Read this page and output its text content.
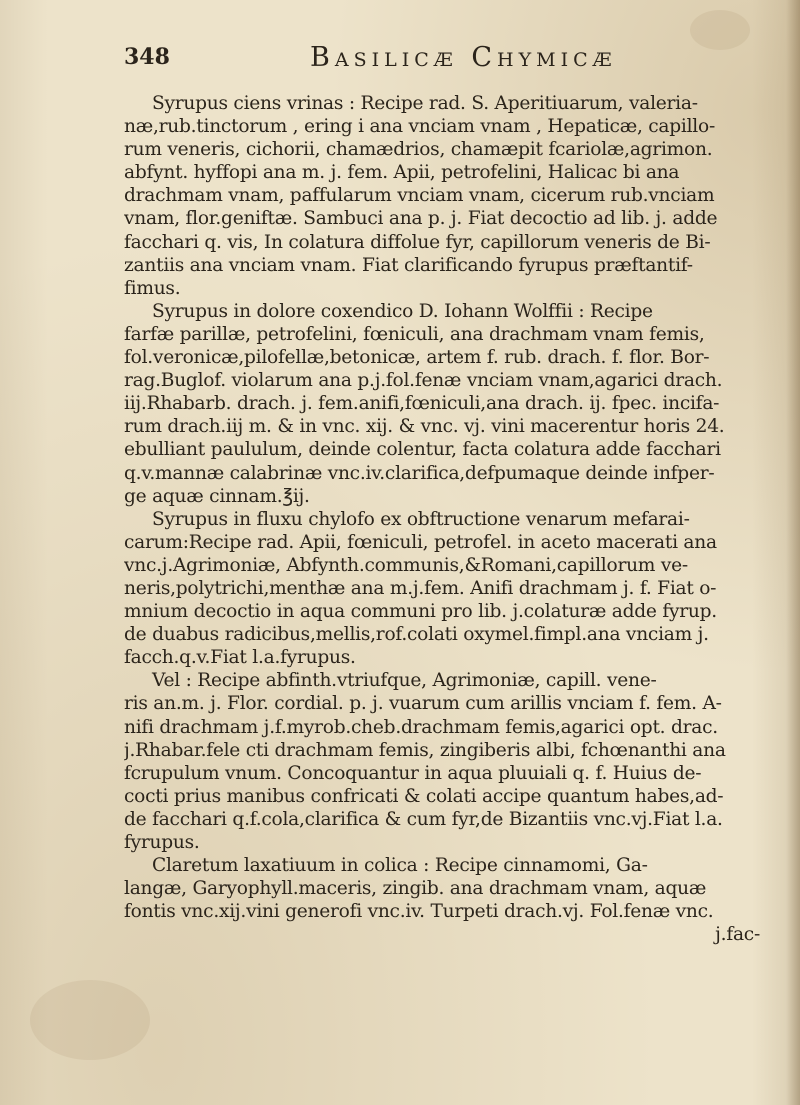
348	Basilicæ Chymicæ
Syrupus ciens vrinas : Recipe rad. S. Aperitiuarum, valeria-
næ,rub.tinctorum , ering i ana vnciam vnam , Hepaticæ, capillo-
rum veneris, cichorii, chamædrios, chamæpit fcariolæ,agrimon.
abfynt. hyffopi ana m. j. fem. Apii, petrofelini, Halicac bi ana
drachmam vnam, paffularum vnciam vnam, cicerum rub.vnciam
vnam, flor.geniftæ. Sambuci ana p. j. Fiat decoctio ad lib. j. adde
facchari q. vis, In colatura diffolue fyr, capillorum veneris de Bi-
zantiis ana vnciam vnam. Fiat clarificando fyrupus præftantif-
fimus.
Syrupus in dolore coxendico D. Iohann Wolffii : Recipe
farfæ parillæ, petrofelini, fœniculi, ana drachmam vnam femis,
fol.veronicæ,pilofellæ,betonicæ, artem f. rub. drach. f. flor. Bor-
rag.Buglof. violarum ana p.j.fol.fenæ vnciam vnam,agarici drach.
iij.Rhabarb. drach. j. fem.anifi,fœniculi,ana drach. ij. fpec. incifa-
rum drach.iij m. & in vnc. xij. & vnc. vj. vini macerentur horis 24.
ebulliant paululum, deinde colentur, facta colatura adde facchari
q.v.mannæ calabrinæ vnc.iv.clarifica,defpumaque deinde infper-
ge aquæ cinnam.℥ij.
Syrupus in fluxu chylofo ex obftructione venarum mefarai-
carum:Recipe rad. Apii, fœniculi, petrofel. in aceto macerati ana
vnc.j.Agrimoniæ, Abfynth.communis,&Romani,capillorum ve-
neris,polytrichi,menthæ ana m.j.fem. Anifi drachmam j. f. Fiat o-
mnium decoctio in aqua communi pro lib. j.colaturæ adde fyrup.
de duabus radicibus,mellis,rof.colati oxymel.fimpl.ana vnciam j.
facch.q.v.Fiat l.a.fyrupus.
Vel : Recipe abfinth.vtriufque, Agrimoniæ, capill. vene-
ris an.m. j. Flor. cordial. p. j. vuarum cum arillis vnciam f. fem. A-
nifi drachmam j.f.myrob.cheb.drachmam femis,agarici opt. drac.
j.Rhabar.fele cti drachmam femis, zingiberis albi, fchœnanthi ana
fcrupulum vnum. Concoquantur in aqua pluuiali q. f. Huius de-
cocti prius manibus confricati & colati accipe quantum habes,ad-
de facchari q.f.cola,clarifica & cum fyr,de Bizantiis vnc.vj.Fiat l.a.
fyrupus.
Claretum laxatiuum in colica : Recipe cinnamomi, Ga-
langæ, Garyophyll.maceris, zingib. ana drachmam vnam, aquæ
fontis vnc.xij.vini generofi vnc.iv. Turpeti drach.vj. Fol.fenæ vnc.
j.fac-
